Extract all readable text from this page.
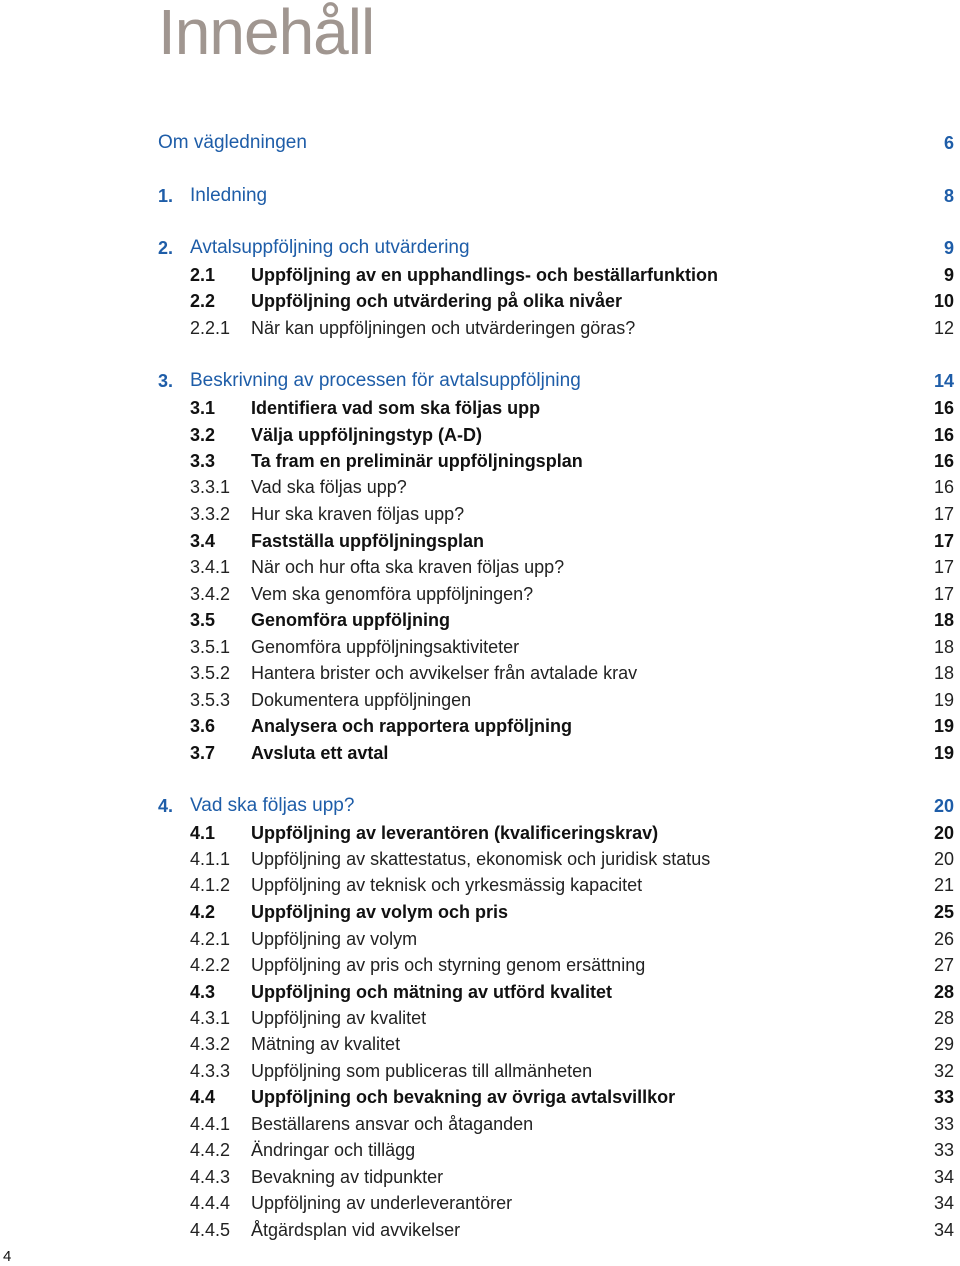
Innehåll
Om vägledningen	6
1. Inledning	8
2. Avtalsuppföljning och utvärdering	9
2.1 Uppföljning av en upphandlings- och beställarfunktion	9
2.2 Uppföljning och utvärdering på olika nivåer	10
2.2.1 När kan uppföljningen och utvärderingen göras?	12
3. Beskrivning av processen för avtalsuppföljning	14
3.1 Identifiera vad som ska följas upp	16
3.2 Välja uppföljningstyp (A-D)	16
3.3 Ta fram en preliminär uppföljningsplan	16
3.3.1 Vad ska följas upp?	16
3.3.2 Hur ska kraven följas upp?	17
3.4 Fastställa uppföljningsplan	17
3.4.1 När och hur ofta ska kraven följas upp?	17
3.4.2 Vem ska genomföra uppföljningen?	17
3.5 Genomföra uppföljning	18
3.5.1 Genomföra uppföljningsaktiviteter	18
3.5.2 Hantera brister och avvikelser från avtalade krav	18
3.5.3 Dokumentera uppföljningen	19
3.6 Analysera och rapportera uppföljning	19
3.7 Avsluta ett avtal	19
4. Vad ska följas upp?	20
4.1 Uppföljning av leverantören (kvalificeringskrav)	20
4.1.1 Uppföljning av skattestatus, ekonomisk och juridisk status	20
4.1.2 Uppföljning av teknisk och yrkesmässig kapacitet	21
4.2 Uppföljning av volym och pris	25
4.2.1 Uppföljning av volym	26
4.2.2 Uppföljning av pris och styrning genom ersättning	27
4.3 Uppföljning och mätning av utförd kvalitet	28
4.3.1 Uppföljning av kvalitet	28
4.3.2 Mätning av kvalitet	29
4.3.3 Uppföljning som publiceras till allmänheten	32
4.4 Uppföljning och bevakning av övriga avtalsvillkor	33
4.4.1 Beställarens ansvar och åtaganden	33
4.4.2 Ändringar och tillägg	33
4.4.3 Bevakning av tidpunkter	34
4.4.4 Uppföljning av underleverantörer	34
4.4.5 Åtgärdsplan vid avvikelser	34
4
